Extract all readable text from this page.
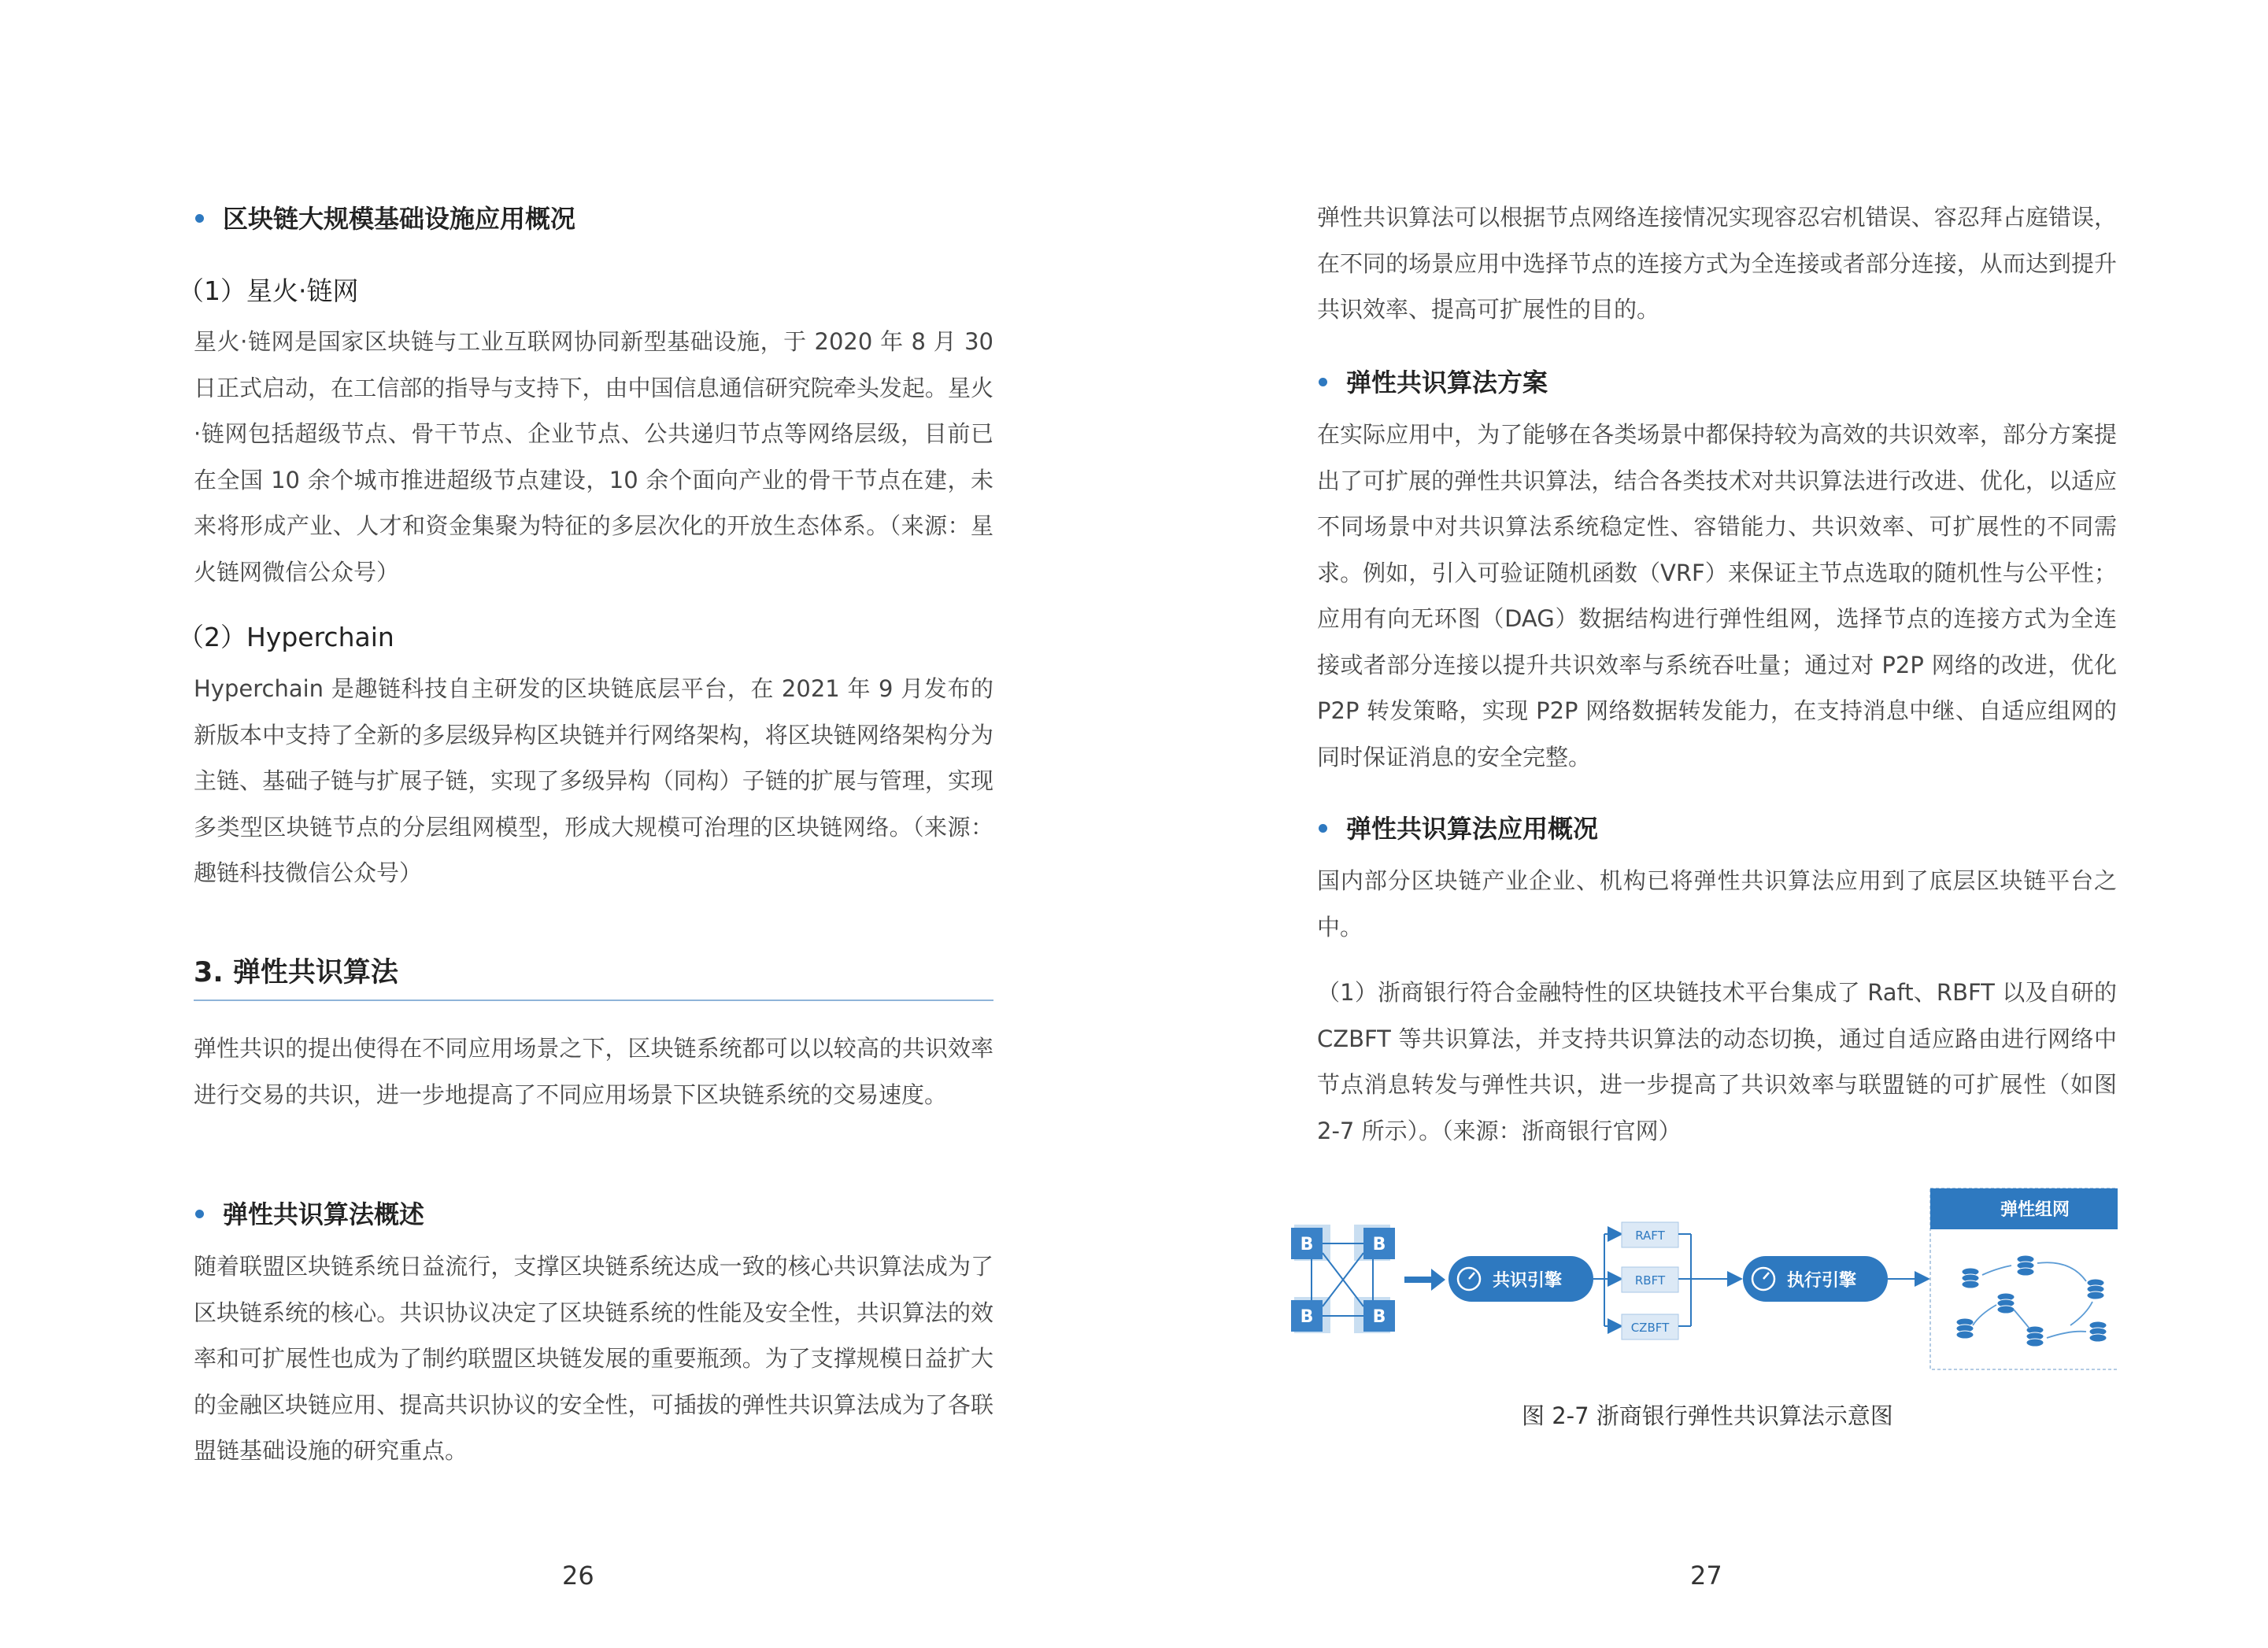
区块链大规模基础设施应用概况
（1）星火·链网
星火·链网是国家区块链与工业互联网协同新型基础设施，于 2020 年 8 月 30 日正式启动，在工信部的指导与支持下，由中国信息通信研究院牵头发起。星火·链网包括超级节点、骨干节点、企业节点、公共递归节点等网络层级，目前已在全国 10 余个城市推进超级节点建设，10 余个面向产业的骨干节点在建，未来将形成产业、人才和资金集聚为特征的多层次化的开放生态体系。（来源：星火链网微信公众号）
（2）Hyperchain
Hyperchain 是趣链科技自主研发的区块链底层平台，在 2021 年 9 月发布的新版本中支持了全新的多层级异构区块链并行网络架构，将区块链网络架构分为主链、基础子链与扩展子链，实现了多级异构（同构）子链的扩展与管理，实现多类型区块链节点的分层组网模型，形成大规模可治理的区块链网络。（来源：趣链科技微信公众号）
3. 弹性共识算法
弹性共识的提出使得在不同应用场景之下，区块链系统都可以以较高的共识效率进行交易的共识，进一步地提高了不同应用场景下区块链系统的交易速度。
弹性共识算法概述
随着联盟区块链系统日益流行，支撑区块链系统达成一致的核心共识算法成为了区块链系统的核心。共识协议决定了区块链系统的性能及安全性，共识算法的效率和可扩展性也成为了制约联盟区块链发展的重要瓶颈。为了支撑规模日益扩大的金融区块链应用、提高共识协议的安全性，可插拔的弹性共识算法成为了各联盟链基础设施的研究重点。
26
弹性共识算法可以根据节点网络连接情况实现容忍宕机错误、容忍拜占庭错误，在不同的场景应用中选择节点的连接方式为全连接或者部分连接，从而达到提升共识效率、提高可扩展性的目的。
弹性共识算法方案
在实际应用中，为了能够在各类场景中都保持较为高效的共识效率，部分方案提出了可扩展的弹性共识算法，结合各类技术对共识算法进行改进、优化，以适应不同场景中对共识算法系统稳定性、容错能力、共识效率、可扩展性的不同需求。例如，引入可验证随机函数（VRF）来保证主节点选取的随机性与公平性；应用有向无环图（DAG）数据结构进行弹性组网，选择节点的连接方式为全连接或者部分连接以提升共识效率与系统吞吐量；通过对 P2P 网络的改进，优化 P2P 转发策略，实现 P2P 网络数据转发能力，在支持消息中继、自适应组网的同时保证消息的安全完整。
弹性共识算法应用概况
国内部分区块链产业企业、机构已将弹性共识算法应用到了底层区块链平台之中。
（1）浙商银行符合金融特性的区块链技术平台集成了 Raft、RBFT 以及自研的 CZBFT 等共识算法，并支持共识算法的动态切换，通过自适应路由进行网络中节点消息转发与弹性共识，进一步提高了共识效率与联盟链的可扩展性（如图 2-7 所示）。（来源：浙商银行官网）
B	B
B	B
共识引擎
RAFT
RBFT
CZBFT
执行引擎
弹性组网
图 2-7 浙商银行弹性共识算法示意图
27
